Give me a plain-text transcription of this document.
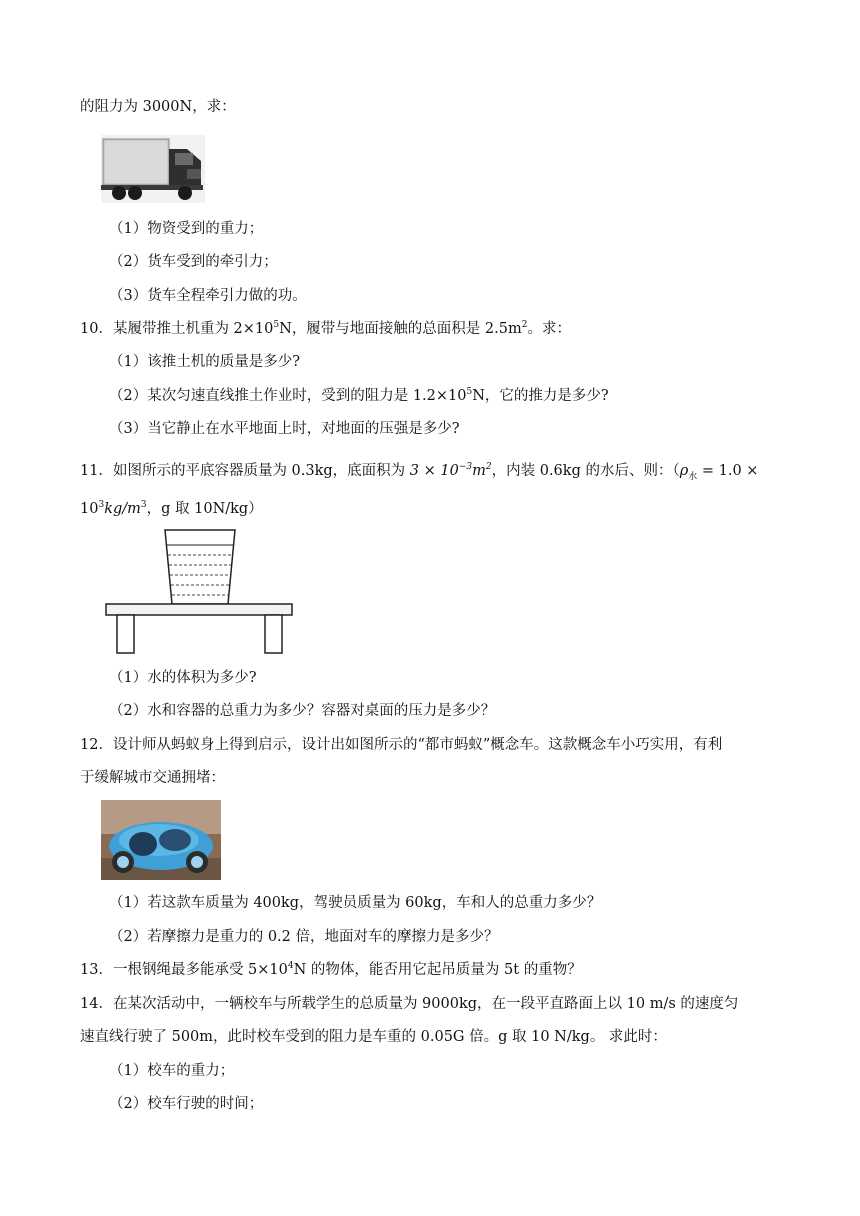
的阻力为 3000N，求：
（1）物资受到的重力；
（2）货车受到的牵引力；
（3）货车全程牵引力做的功。
10．某履带推土机重为 $2\times 10^5N$，履带与地面接触的总面积是 $2.5m^2$。求：
（1）该推土机的质量是多少?
（2）某次匀速直线推土作业时，受到的阻力是 $1.2\times 10^5N$，它的推力是多少?
（3）当它静止在水平地面上时，对地面的压强是多少?
11．如图所示的平底容器质量为 0.3kg，底面积为 $3 \times 10^{-3}m^2$，内装 0.6kg 的水后、则：（$\rho_水 = 1.0$ ×
$10^3kg/m^3$，g 取 10N/kg）
（1）水的体积为多少?
（2）水和容器的总重力为多少？容器对桌面的压力是多少？
12．设计师从蚂蚁身上得到启示，设计出如图所示的“都市蚂蚁”概念车。这款概念车小巧实用，有利
于缓解城市交通拥堵：
（1）若这款车质量为 400kg，驾驶员质量为 60kg，车和人的总重力多少？
（2）若摩擦力是重力的 0.2 倍，地面对车的摩擦力是多少？
13．一根钢绳最多能承受 $5\times 10^4N$ 的物体，能否用它起吊质量为 5t 的重物？
14．在某次活动中，一辆校车与所载学生的总质量为 9000kg，在一段平直路面上以 10 m/s 的速度匀
速直线行驶了 500m，此时校车受到的阻力是车重的 0.05G 倍。g 取 10 N/kg。 求此时：
（1）校车的重力；
（2）校车行驶的时间；
